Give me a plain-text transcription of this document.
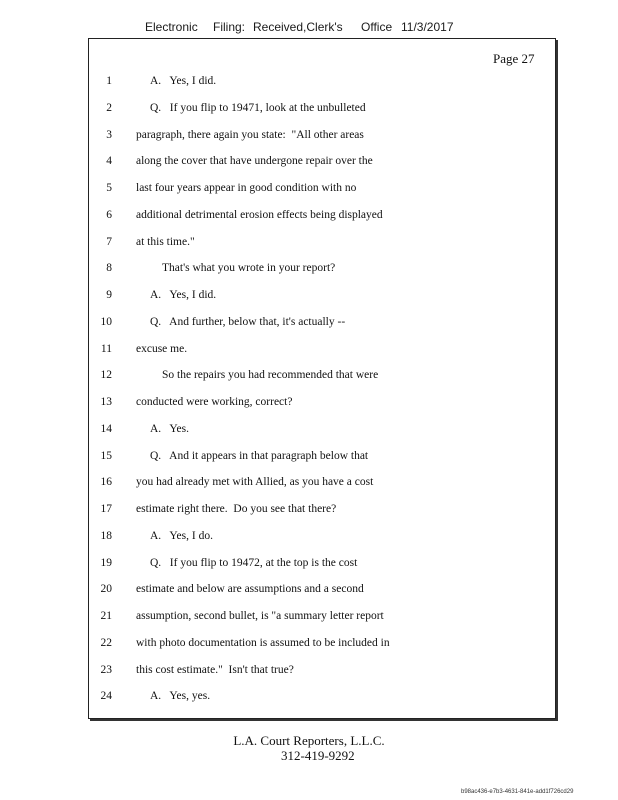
Electronic Filing: Received,Clerk's Office 11/3/2017
Page 27
1	A.   Yes, I did.
2	Q.   If you flip to 19471, look at the unbulleted
3 paragraph, there again you state:  "All other areas
4 along the cover that have undergone repair over the
5 last four years appear in good condition with no
6 additional detrimental erosion effects being displayed
7 at this time."
8	That's what you wrote in your report?
9	A.   Yes, I did.
10	Q.   And further, below that, it's actually --
11 excuse me.
12	So the repairs you had recommended that were
13 conducted were working, correct?
14	A.   Yes.
15	Q.   And it appears in that paragraph below that
16 you had already met with Allied, as you have a cost
17 estimate right there.  Do you see that there?
18	A.   Yes, I do.
19	Q.   If you flip to 19472, at the top is the cost
20 estimate and below are assumptions and a second
21 assumption, second bullet, is "a summary letter report
22 with photo documentation is assumed to be included in
23 this cost estimate."  Isn't that true?
24	A.   Yes, yes.
L.A. Court Reporters, L.L.C.
312-419-9292
b98ac436-e7b3-4631-841e-add1f726cd29
